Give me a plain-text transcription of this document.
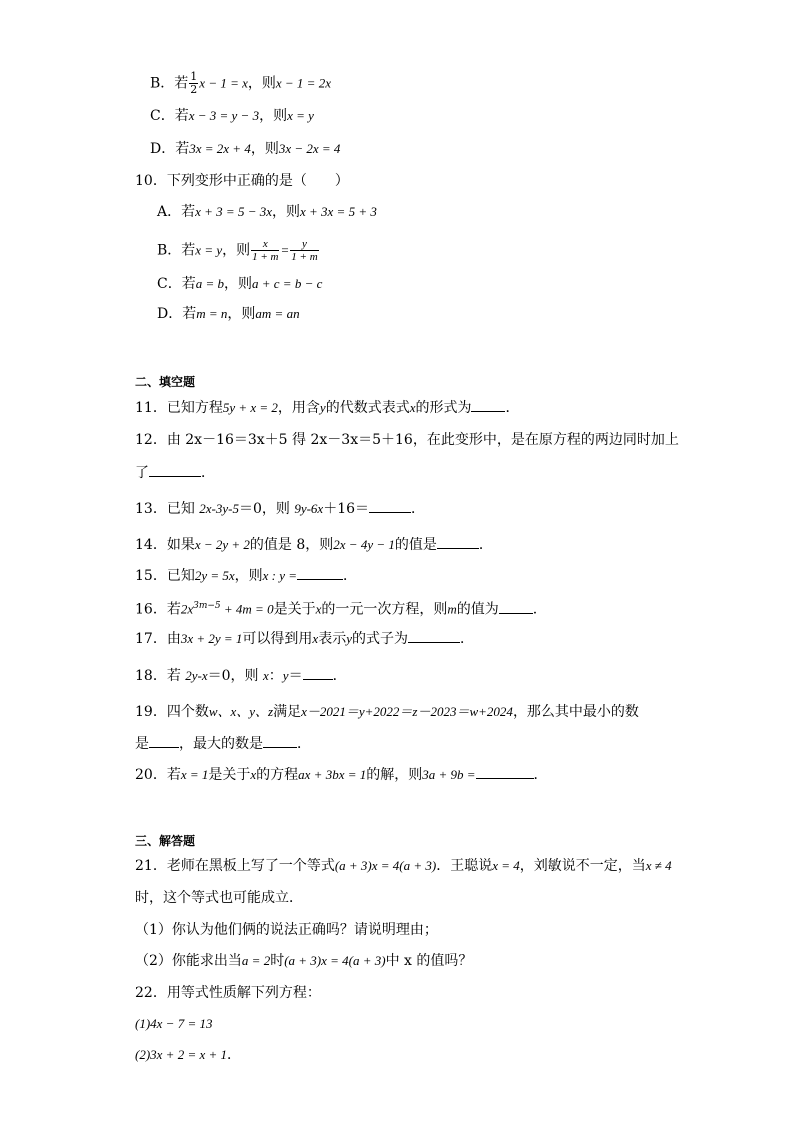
B．若 $\frac{1}{2}$ x − 1 = x，则x − 1 = 2x
C．若x − 3 = y − 3，则x = y
D．若3x = 2x + 4，则3x − 2x = 4
10．下列变形中正确的是（　　）
A．若x + 3 = 5 − 3x，则x + 3x = 5 + 3
B．若x = y，则 $\frac{x}{1 + m} = \frac{y}{1 + m}$
C．若a = b，则a + c = b − c
D．若m = n，则am = an
二、填空题
11．已知方程5y + x = 2，用含y的代数式表式x的形式为 ．
12．由 2x－16＝3x＋5 得 2x－3x＝5＋16，在此变形中，是在原方程的两边同时加上
了	．
13．已知 2x-3y-5＝0，则 9y-6x＋16＝	．
14．如果x − 2y + 2的值是 8，则2x − 4y − 1的值是	．
15．已知2y = 5x，则x : y =	．
16．若$2x^{3m-5} + 4m = 0$是关于x的一元一次方程，则m的值为 .
17．由3x + 2y = 1可以得到用x表示y的式子为	．
18．若 2y-x＝0，则 x：y＝ ．
19．四个数w、x、y、z满足x－2021＝y+2022＝z－2023＝w+2024，那么其中最小的数
是 ，最大的数是 ．
20．若x = 1是关于x的方程ax + 3bx = 1的解，则3a + 9b =	．
三、解答题
21．老师在黑板上写了一个等式(a + 3)x = 4(a + 3)．王聪说x = 4，刘敏说不一定，当x ≠ 4
时，这个等式也可能成立．
（1）你认为他们俩的说法正确吗？请说明理由；
（2）你能求出当a = 2时(a + 3)x = 4(a + 3)中 x 的值吗？
22．用等式性质解下列方程：
(1)4x − 7 = 13
(2)3x + 2 = x + 1．
